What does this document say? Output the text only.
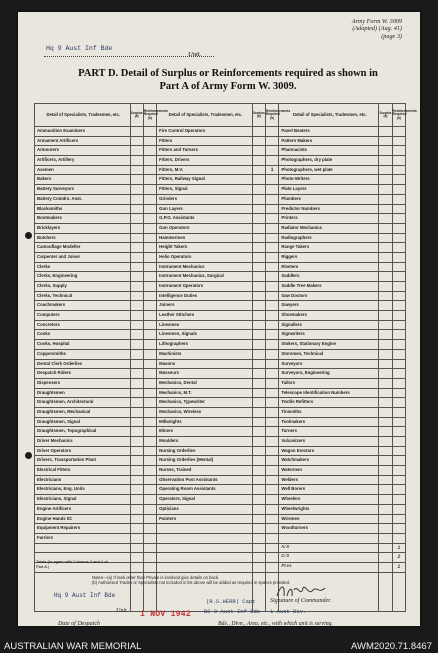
Army Form W. 3009
(Adapted) (Aug. 41)
(page 3)
Hq 9 Aust Inf Bde
Unit.
PART D. Detail of Surplus or Reinforcements required as shown in
Part A of Army Form W. 3009.
Detail of Specialists, Tradesmen, etc.	Surplus (a)	Reinforcements Required (b)	Detail of Specialists, Tradesmen, etc.	Surplus (a)	Reinforcements Required (b)	Detail of Specialists, Tradesmen, etc.	Surplus (a)	Reinforcements Required (b)
Ammunition Examiners			Fire Control Operators			Panel Beaters		
Armament Artificers			Fitters			Pattern Makers		
Armourers			Fitters and Turners			Pharmacists		
Artificers, Artillery			Fitters, Drivers			Photographers, dry plate		
Axemen			Fitters, M.V.		1	Photographers, wet plate		
Bakers			Fitters, Railway Signal			Photo-Writers		
Battery Surveyors			Fitters, Signal			Plate Layers		
Battery Comdrs. Asst.			Grinders			Plumbers		
Blacksmiths			Gun Layers			Predictor Numbers		
Bootmakers			G.P.O. Assistants			Printers		
Bricklayers			Gun Operators			Radiator Mechanics		
Butchers			Hammermen			Radiographers		
Camouflage Modeller			Height Takers			Range Takers		
Carpenter and Joiner			Helio Operators			Riggers		
Clerks			Instrument Mechanics			Riveters		
Clerks, Engineering			Instrument Mechanics, Surgical			Saddlers		
Clerks, Supply			Instrument Operators			Saddle Tree Makers		
Clerks, Technical			Intelligence Duties			Saw Doctors		
Coachmakers			Joiners			Sawyers		
Computers			Leather Stitchers			Shoemakers		
Concretors			Linesmen			Signallers		
Cooks			Linesmen, Signals			Signwriters		
Cooks, Hospital			Lithographers			Stokers, Stationary Engine		
Coppersmiths			Machinists			Storemen, Technical		
Dental Clerk Orderlies			Masons			Surveyors		
Despatch Riders			Masseurs			Surveyors, Engineering		
Dispensers			Mechanics, Dental			Tailors		
Draughtsmen			Mechanics, M.T.			Telescope Identification Numbers		
Draughtsmen, Architectural			Mechanics, Typewriter			Textile Refitters		
Draughtsmen, Mechanical			Mechanics, Wireless			Tinsmiths		
Draughtsmen, Signal			Millwrights			Toolmakers		
Draughtsmen, Topographical			Miners			Turners		
Driver Mechanics			Moulders			Vulcanizers		
Driver Operators			Nursing Orderlies			Wagon Erectors		
Drivers, Transportation Plant			Nursing Orderlies (Mental)			Watchmakers		
Electrical Fitters			Nurses, Trained			Watermen		
Electricians			Observation Post Assistants			Welders		
Electricians, Eng. Units			Operating Room Assistants			Well Borers		
Electricians, Signal			Operators, Signal			Wheelers		
Engine Artificers			Opticians			Wheelwrights		
Engine Hands I/C			Painters			Wiremen		
Equipment Repairers						Woodturners		
Farriers								
						A/S		1
						C/S		2
						Ptes		1

Totals (to agree with Columns 3 and 4 of Part A.)
Notes—(a) If rank other than Private is involved give details on back.
(b) Authorised Trades or Specialists not included in list above will be added as required in spaces provided.
Hq 9 Aust Inf Bde
Unit.
Signature of Commander.
(R.S.HERR) Capt
BC 9 Aust Inf Bde — 1 Aust Div.
Date of Despatch
1 NOV 1942
Bde., Divn., Area, etc., with which unit is serving.
AUSTRALIAN WAR MEMORIAL	AWM2020.71.8467
